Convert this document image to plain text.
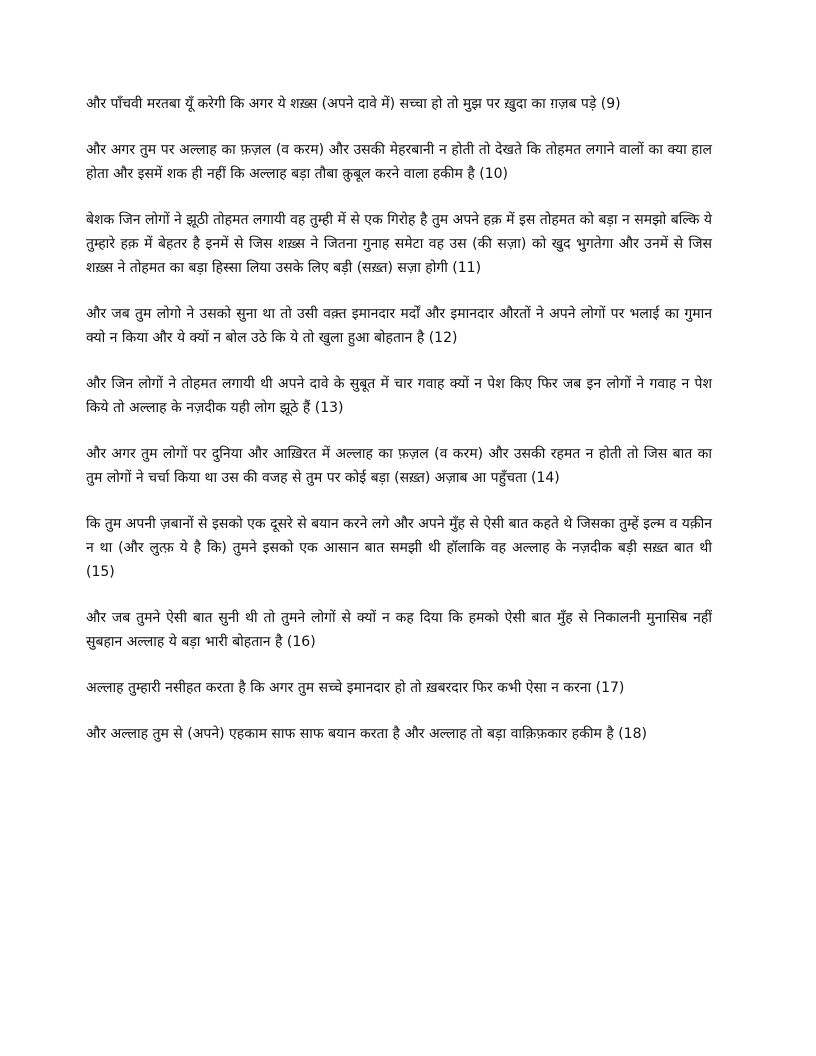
और पाँचवी मरतबा यूँ करेगी कि अगर ये शख़्स (अपने दावे में) सच्चा हो तो मुझ पर ख़ुदा का ग़ज़ब पड़े (9)

और अगर तुम पर अल्लाह का फ़ज़ल (व करम) और उसकी मेहरबानी न होती तो देखते कि तोहमत लगाने वालों का क्या हाल होता और इसमें शक ही नहीं कि अल्लाह बड़ा तौबा क़ुबूल करने वाला हकीम है (10)

बेशक जिन लोगों ने झूठी तोहमत लगायी वह तुम्ही में से एक गिरोह है तुम अपने हक़ में इस तोहमत को बड़ा न समझो बल्कि ये तुम्हारे हक़ में बेहतर है इनमें से जिस शख़्स ने जितना गुनाह समेटा वह उस (की सज़ा) को खुद भुगतेगा और उनमें से जिस शख़्स ने तोहमत का बड़ा हिस्सा लिया उसके लिए बड़ी (सख़्त) सज़ा होगी (11)

और जब तुम लोगो ने उसको सुना था तो उसी वक़्त इमानदार मर्दों और इमानदार औरतों ने अपने लोगों पर भलाई का गुमान क्यो न किया और ये क्यों न बोल उठे कि ये तो खुला हुआ बोहतान है (12)

और जिन लोगों ने तोहमत लगायी थी अपने दावे के सुबूत में चार गवाह क्यों न पेश किए फिर जब इन लोगों ने गवाह न पेश किये तो अल्लाह के नज़दीक यही लोग झूठे हैं (13)

और अगर तुम लोगों पर दुनिया और आख़िरत में अल्लाह का फ़ज़ल (व करम) और उसकी रहमत न होती तो जिस बात का तुम लोगों ने चर्चा किया था उस की वजह से तुम पर कोई बड़ा (सख़्त) अज़ाब आ पहुँचता (14)

कि तुम अपनी ज़बानों से इसको एक दूसरे से बयान करने लगे और अपने मुँह से ऐसी बात कहते थे जिसका तुम्हें इल्म व यक़ीन न था (और लुत्फ़ ये है कि) तुमने इसको एक आसान बात समझी थी हॉलाकि वह अल्लाह के नज़दीक बड़ी सख़्त बात थी (15)

और जब तुमने ऐसी बात सुनी थी तो तुमने लोगों से क्यों न कह दिया कि हमको ऐसी बात मुँह से निकालनी मुनासिब नहीं सुबहान अल्लाह ये बड़ा भारी बोहतान है (16)

अल्लाह तुम्हारी नसीहत करता है कि अगर तुम सच्चे इमानदार हो तो ख़बरदार फिर कभी ऐसा न करना (17)

और अल्लाह तुम से (अपने) एहकाम साफ साफ बयान करता है और अल्लाह तो बड़ा वाक़िफ़कार हकीम है (18)
